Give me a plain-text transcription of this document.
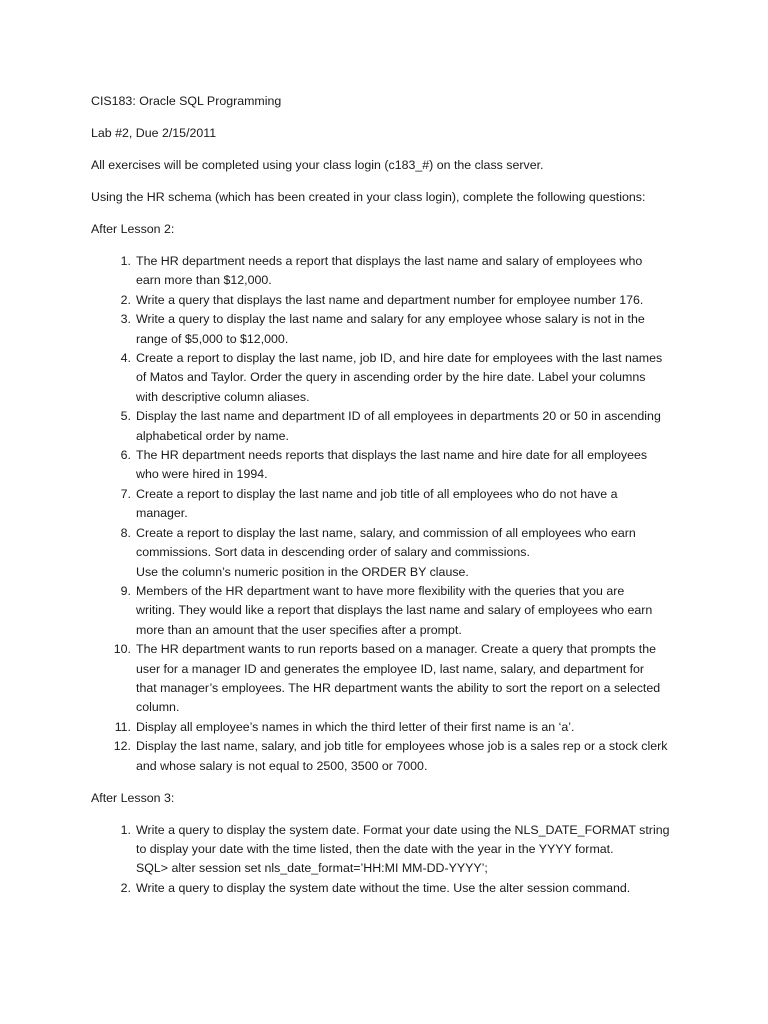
CIS183: Oracle SQL Programming

Lab #2, Due 2/15/2011

All exercises will be completed using your class login (c183_#) on the class server.

Using the HR schema (which has been created in your class login), complete the following questions:

After Lesson 2:

1. The HR department needs a report that displays the last name and salary of employees who
earn more than $12,000.
2. Write a query that displays the last name and department number for employee number 176.
3. Write a query to display the last name and salary for any employee whose salary is not in the
range of $5,000 to $12,000.
4. Create a report to display the last name, job ID, and hire date for employees with the last names
of Matos and Taylor. Order the query in ascending order by the hire date. Label your columns
with descriptive column aliases.
5. Display the last name and department ID of all employees in departments 20 or 50 in ascending
alphabetical order by name.
6. The HR department needs reports that displays the last name and hire date for all employees
who were hired in 1994.
7. Create a report to display the last name and job title of all employees who do not have a
manager.
8. Create a report to display the last name, salary, and commission of all employees who earn
commissions. Sort data in descending order of salary and commissions.
Use the column’s numeric position in the ORDER BY clause.
9. Members of the HR department want to have more flexibility with the queries that you are
writing. They would like a report that displays the last name and salary of employees who earn
more than an amount that the user specifies after a prompt.
10. The HR department wants to run reports based on a manager. Create a query that prompts the
user for a manager ID and generates the employee ID, last name, salary, and department for
that manager’s employees. The HR department wants the ability to sort the report on a selected
column.
11. Display all employee’s names in which the third letter of their first name is an ‘a’.
12. Display the last name, salary, and job title for employees whose job is a sales rep or a stock clerk
and whose salary is not equal to 2500, 3500 or 7000.

After Lesson 3:

1. Write a query to display the system date. Format your date using the NLS_DATE_FORMAT string
to display your date with the time listed, then the date with the year in the YYYY format.
SQL> alter session set nls_date_format=’HH:MI MM-DD-YYYY’;
2. Write a query to display the system date without the time. Use the alter session command.
